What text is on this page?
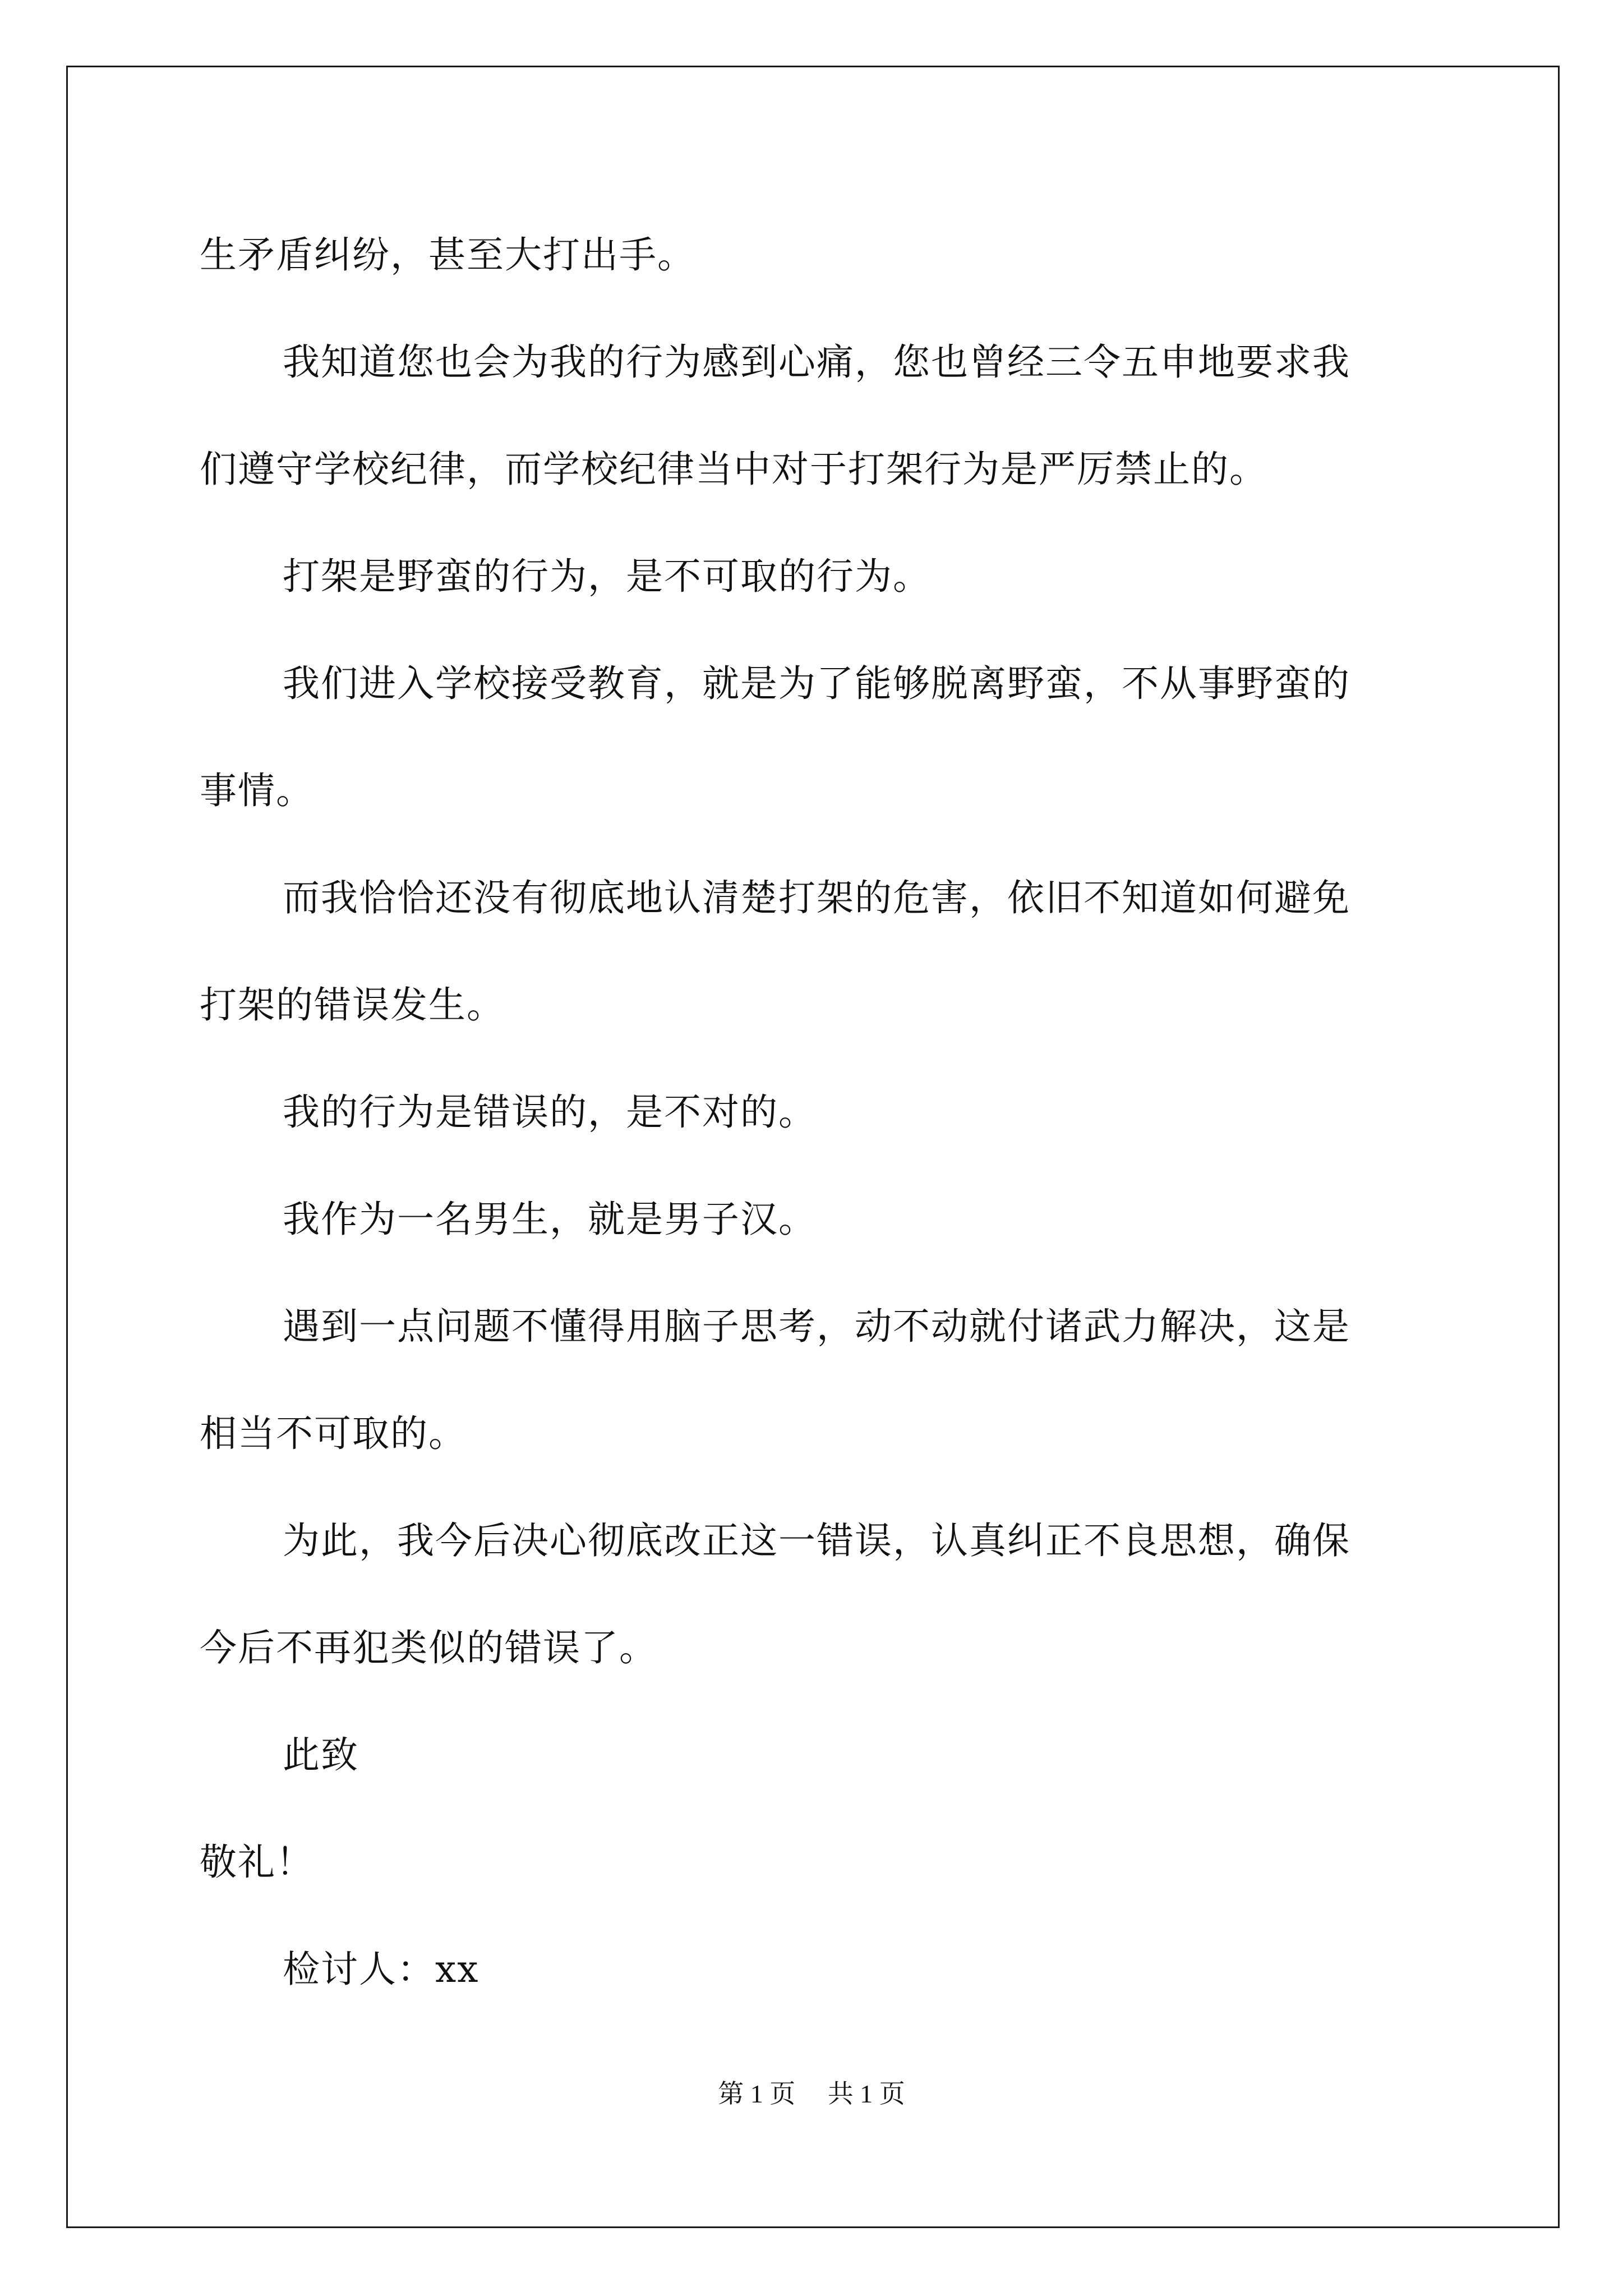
生矛盾纠纷，甚至大打出手。
我知道您也会为我的行为感到心痛，您也曾经三令五申地要求我
们遵守学校纪律，而学校纪律当中对于打架行为是严厉禁止的。
打架是野蛮的行为，是不可取的行为。
我们进入学校接受教育，就是为了能够脱离野蛮，不从事野蛮的
事情。
而我恰恰还没有彻底地认清楚打架的危害，依旧不知道如何避免
打架的错误发生。
我的行为是错误的，是不对的。
我作为一名男生，就是男子汉。
遇到一点问题不懂得用脑子思考，动不动就付诸武力解决，这是
相当不可取的。
为此，我今后决心彻底改正这一错误，认真纠正不良思想，确保
今后不再犯类似的错误了。
此致
敬礼！
检讨人：xx
第 1 页　 共 1 页
